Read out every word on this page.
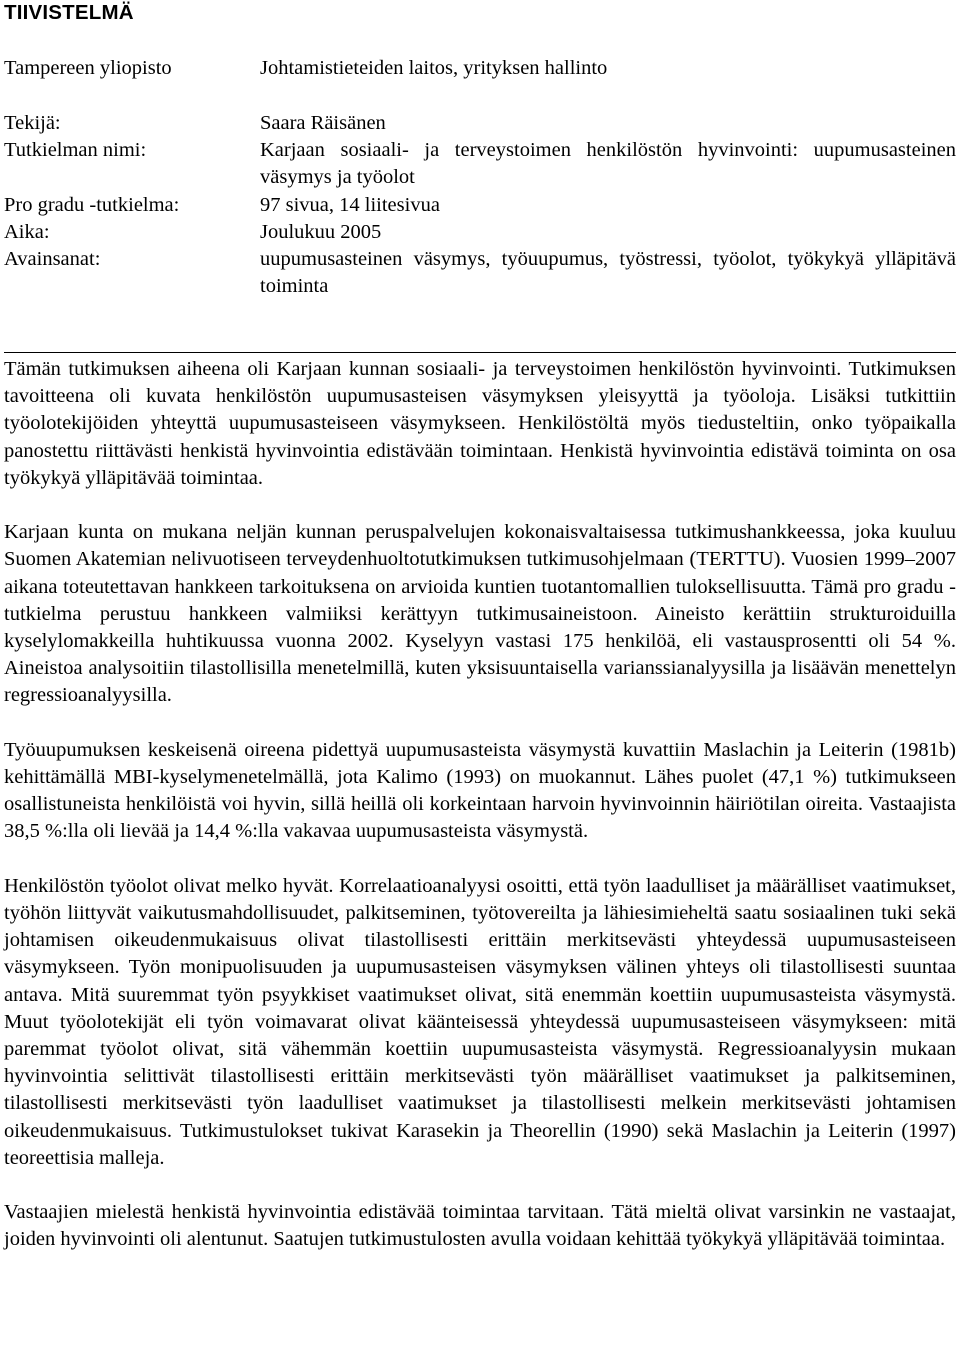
TIIVISTELMÄ
Tampereen yliopisto	Johtamistieteiden laitos, yrityksen hallinto
Tekijä:	Saara Räisänen
Tutkielman nimi:	Karjaan sosiaali- ja terveystoimen henkilöstön hyvinvointi: uupumusasteinen väsymys ja työolot
Pro gradu -tutkielma:	97 sivua, 14 liitesivua
Aika:	Joulukuu 2005
Avainsanat:	uupumusasteinen väsymys, työuupumus, työstressi, työolot, työkykyä ylläpitävä toiminta

Tämän tutkimuksen aiheena oli Karjaan kunnan sosiaali- ja terveystoimen henkilöstön hyvinvointi. Tutkimuksen tavoitteena oli kuvata henkilöstön uupumusasteisen väsymyksen yleisyyttä ja työoloja. Lisäksi tutkittiin työolotekijöiden yhteyttä uupumusasteiseen väsymykseen. Henkilöstöltä myös tiedusteltiin, onko työpaikalla panostettu riittävästi henkistä hyvinvointia edistävään toimintaan. Henkistä hyvinvointia edistävä toiminta on osa työkykyä ylläpitävää toimintaa.

Karjaan kunta on mukana neljän kunnan peruspalvelujen kokonaisvaltaisessa tutkimushankkeessa, joka kuuluu Suomen Akatemian nelivuotiseen terveydenhuoltotutkimuksen tutkimusohjelmaan (TERTTU). Vuosien 1999–2007 aikana toteutettavan hankkeen tarkoituksena on arvioida kuntien tuotantomallien tuloksellisuutta. Tämä pro gradu -tutkielma perustuu hankkeen valmiiksi kerättyyn tutkimusaineistoon. Aineisto kerättiin strukturoiduilla kyselylomakkeilla huhtikuussa vuonna 2002. Kyselyyn vastasi 175 henkilöä, eli vastausprosentti oli 54 %. Aineistoa analysoitiin tilastollisilla menetelmillä, kuten yksisuuntaisella varianssianalyysilla ja lisäävän menettelyn regressioanalyysilla.

Työuupumuksen keskeisenä oireena pidettyä uupumusasteista väsymystä kuvattiin Maslachin ja Leiterin (1981b) kehittämällä MBI-kyselymenetelmällä, jota Kalimo (1993) on muokannut. Lähes puolet (47,1 %) tutkimukseen osallistuneista henkilöistä voi hyvin, sillä heillä oli korkeintaan harvoin hyvinvoinnin häiriötilan oireita. Vastaajista 38,5 %:lla oli lievää ja 14,4 %:lla vakavaa uupumusasteista väsymystä.

Henkilöstön työolot olivat melko hyvät. Korrelaatioanalyysi osoitti, että työn laadulliset ja määrälliset vaatimukset, työhön liittyvät vaikutusmahdollisuudet, palkitseminen, työtovereilta ja lähiesimieheltä saatu sosiaalinen tuki sekä johtamisen oikeudenmukaisuus olivat tilastollisesti erittäin merkitsevästi yhteydessä uupumusasteiseen väsymykseen. Työn monipuolisuuden ja uupumusasteisen väsymyksen välinen yhteys oli tilastollisesti suuntaa antava. Mitä suuremmat työn psyykkiset vaatimukset olivat, sitä enemmän koettiin uupumusasteista väsymystä. Muut työolotekijät eli työn voimavarat olivat käänteisessä yhteydessä uupumusasteiseen väsymykseen: mitä paremmat työolot olivat, sitä vähemmän koettiin uupumusasteista väsymystä. Regressioanalyysin mukaan hyvinvointia selittivät tilastollisesti erittäin merkitsevästi työn määrälliset vaatimukset ja palkitseminen, tilastollisesti merkitsevästi työn laadulliset vaatimukset ja tilastollisesti melkein merkitsevästi johtamisen oikeudenmukaisuus. Tutkimustulokset tukivat Karasekin ja Theorellin (1990) sekä Maslachin ja Leiterin (1997) teoreettisia malleja.

Vastaajien mielestä henkistä hyvinvointia edistävää toimintaa tarvitaan. Tätä mieltä olivat varsinkin ne vastaajat, joiden hyvinvointi oli alentunut. Saatujen tutkimustulosten avulla voidaan kehittää työkykyä ylläpitävää toimintaa.
